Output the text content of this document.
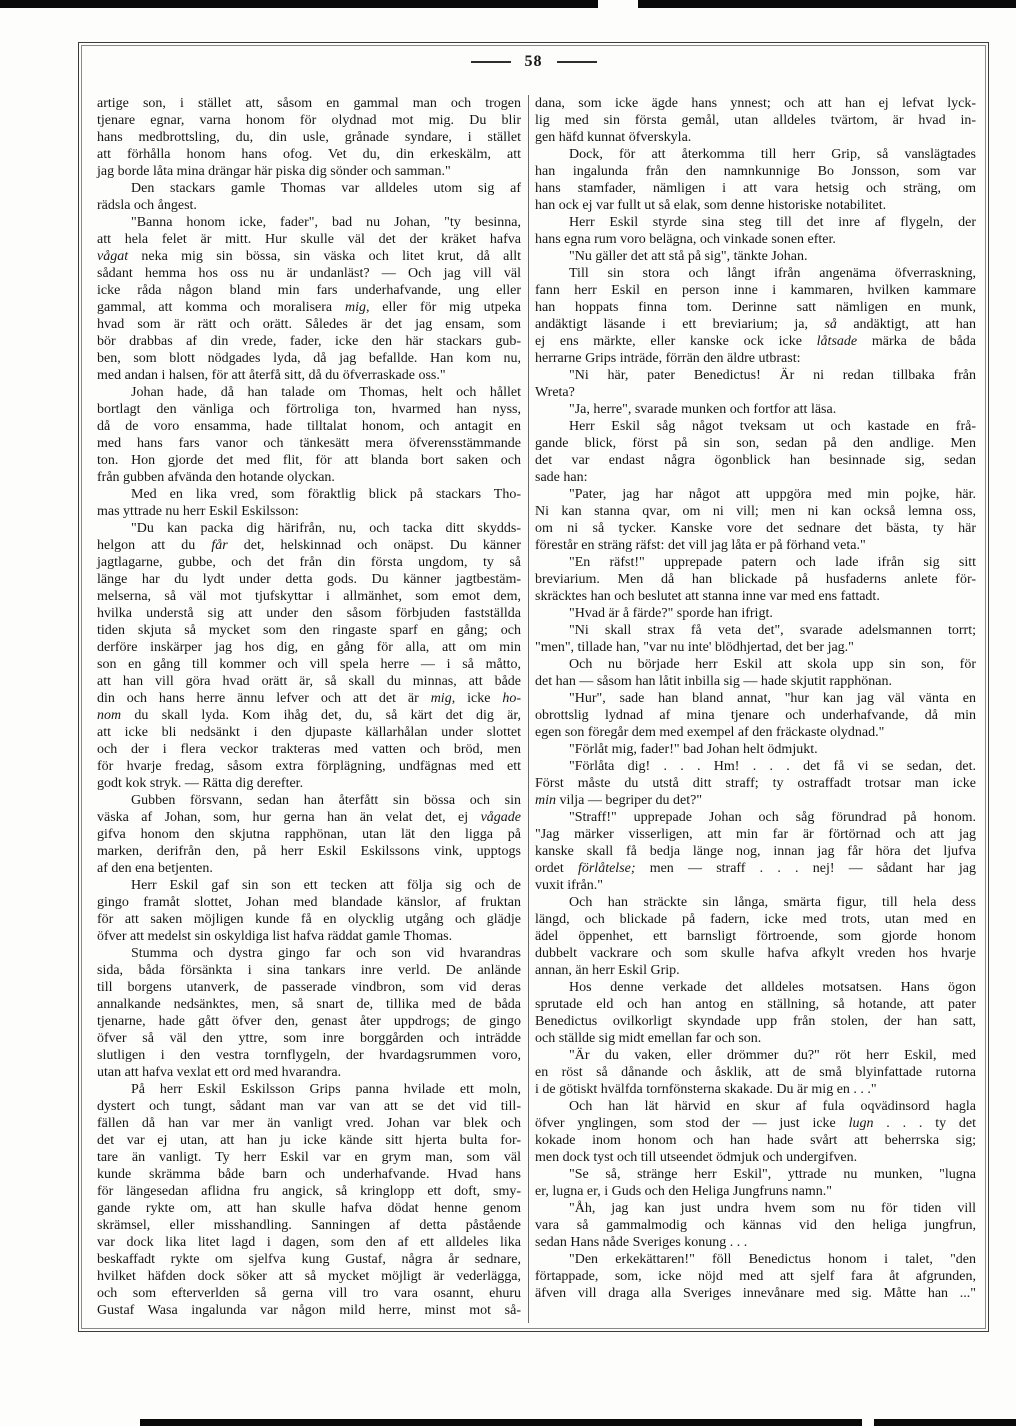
58
artige son, i stället att, såsom en gammal man och trogen
tjenare egnar, varna honom för olydnad mot mig. Du blir
hans medbrottsling, du, din usle, grånade syndare, i stället
att förhålla honom hans ofog. Vet du, din erkeskälm, att
jag borde låta mina drängar här piska dig sönder och samman."
Den stackars gamle Thomas var alldeles utom sig af
rädsla och ångest.
"Banna honom icke, fader", bad nu Johan, "ty besinna,
att hela felet är mitt. Hur skulle väl det der kräket hafva
vågat neka mig sin bössa, sin väska och litet krut, då allt
sådant hemma hos oss nu är undanläst? — Och jag vill väl
icke råda någon bland min fars underhafvande, ung eller
gammal, att komma och moralisera mig, eller för mig utpeka
hvad som är rätt och orätt. Således är det jag ensam, som
bör drabbas af din vrede, fader, icke den här stackars gub-
ben, som blott nödgades lyda, då jag befallde. Han kom nu,
med andan i halsen, för att återfå sitt, då du öfverraskade oss."
Johan hade, då han talade om Thomas, helt och hållet
bortlagt den vänliga och förtroliga ton, hvarmed han nyss,
då de voro ensamma, hade tilltalat honom, och antagit en
med hans fars vanor och tänkesätt mera öfverensstämmande
ton. Hon gjorde det med flit, för att blanda bort saken och
från gubben afvända den hotande olyckan.
Med en lika vred, som föraktlig blick på stackars Tho-
mas yttrade nu herr Eskil Eskilsson:
"Du kan packa dig härifrån, nu, och tacka ditt skydds-
helgon att du får det, helskinnad och onäpst. Du känner
jagtlagarne, gubbe, och det från din första ungdom, ty så
länge har du lydt under detta gods. Du känner jagtbestäm-
melserna, så väl mot tjufskyttar i allmänhet, som emot dem,
hvilka understå sig att under den såsom förbjuden fastställda
tiden skjuta så mycket som den ringaste sparf en gång; och
derföre inskärper jag hos dig, en gång för alla, att om min
son en gång till kommer och vill spela herre — i så måtto,
att han vill göra hvad orätt är, så skall du minnas, att både
din och hans herre ännu lefver och att det är mig, icke ho-
nom du skall lyda. Kom ihåg det, du, så kärt det dig är,
att icke bli nedsänkt i den djupaste källarhålan under slottet
och der i flera veckor trakteras med vatten och bröd, men
för hvarje fredag, såsom extra förplägning, undfägnas med ett
godt kok stryk. — Rätta dig derefter.
Gubben försvann, sedan han återfått sin bössa och sin
väska af Johan, som, hur gerna han än velat det, ej vågade
gifva honom den skjutna rapphönan, utan lät den ligga på
marken, derifrån den, på herr Eskil Eskilssons vink, upptogs
af den ena betjenten.
Herr Eskil gaf sin son ett tecken att följa sig och de
gingo framåt slottet, Johan med blandade känslor, af fruktan
för att saken möjligen kunde få en olycklig utgång och glädje
öfver att medelst sin oskyldiga list hafva räddat gamle Thomas.
Stumma och dystra gingo far och son vid hvarandras
sida, båda försänkta i sina tankars inre verld. De anlände
till borgens utanverk, de passerade vindbron, som vid deras
annalkande nedsänktes, men, så snart de, tillika med de båda
tjenarne, hade gått öfver den, genast åter uppdrogs; de gingo
öfver så väl den yttre, som inre borggården och inträdde
slutligen i den vestra tornflygeln, der hvardagsrummen voro,
utan att hafva vexlat ett ord med hvarandra.
På herr Eskil Eskilsson Grips panna hvilade ett moln,
dystert och tungt, sådant man var van att se det vid till-
fällen då han var mer än vanligt vred. Johan var blek och
det var ej utan, att han ju icke kände sitt hjerta bulta for-
tare än vanligt. Ty herr Eskil var en grym man, som väl
kunde skrämma både barn och underhafvande. Hvad hans
för längesedan aflidna fru angick, så kringlopp ett doft, smy-
gande rykte om, att han skulle hafva dödat henne genom
skrämsel, eller misshandling. Sanningen af detta påstående
var dock lika litet lagd i dagen, som den af ett alldeles lika
beskaffadt rykte om sjelfva kung Gustaf, några år sednare,
hvilket häfden dock söker att så mycket möjligt är vederlägga,
och som efterverlden så gerna vill tro vara osannt, ehuru
Gustaf Wasa ingalunda var någon mild herre, minst mot så-
dana, som icke ägde hans ynnest; och att han ej lefvat lyck-
lig med sin första gemål, utan alldeles tvärtom, är hvad in-
gen häfd kunnat öfverskyla.
Dock, för att återkomma till herr Grip, så vanslägtades
han ingalunda från den namnkunnige Bo Jonsson, som var
hans stamfader, nämligen i att vara hetsig och sträng, om
han ock ej var fullt ut så elak, som denne historiske notabilitet.
Herr Eskil styrde sina steg till det inre af flygeln, der
hans egna rum voro belägna, och vinkade sonen efter.
"Nu gäller det att stå på sig", tänkte Johan.
Till sin stora och långt ifrån angenäma öfverraskning,
fann herr Eskil en person inne i kammaren, hvilken kammare
han hoppats finna tom. Derinne satt nämligen en munk,
andäktigt läsande i ett breviarium; ja, så andäktigt, att han
ej ens märkte, eller kanske ock icke låtsade märka de båda
herrarne Grips inträde, förrän den äldre utbrast:
"Ni här, pater Benedictus! Är ni redan tillbaka från
Wreta?
"Ja, herre", svarade munken och fortfor att läsa.
Herr Eskil såg något tveksam ut och kastade en frå-
gande blick, först på sin son, sedan på den andlige. Men
det var endast några ögonblick han besinnade sig, sedan
sade han:
"Pater, jag har något att uppgöra med min pojke, här.
Ni kan stanna qvar, om ni vill; men ni kan också lemna oss,
om ni så tycker. Kanske vore det sednare det bästa, ty här
förestår en sträng räfst: det vill jag låta er på förhand veta."
"En räfst!" upprepade patern och lade ifrån sig sitt
breviarium. Men då han blickade på husfaderns anlete för-
skräcktes han och beslutet att stanna inne var med ens fattadt.
"Hvad är å färde?" sporde han ifrigt.
"Ni skall strax få veta det", svarade adelsmannen torrt;
"men", tillade han, "var nu inte' blödhjertad, det ber jag."
Och nu började herr Eskil att skola upp sin son, för
det han — såsom han låtit inbilla sig — hade skjutit rapphönan.
"Hur", sade han bland annat, "hur kan jag väl vänta en
obrottslig lydnad af mina tjenare och underhafvande, då min
egen son föregår dem med exempel af den fräckaste olydnad."
"Förlåt mig, fader!" bad Johan helt ödmjukt.
"Förlåta dig! . . . Hm! . . . det få vi se sedan, det.
Först måste du utstå ditt straff; ty ostraffadt trotsar man icke
min vilja — begriper du det?"
"Straff!" upprepade Johan och såg förundrad på honom.
"Jag märker visserligen, att min far är förtörnad och att jag
kanske skall få bedja länge nog, innan jag får höra det ljufva
ordet förlåtelse; men — straff . . . nej! — sådant har jag
vuxit ifrån."
Och han sträckte sin långa, smärta figur, till hela dess
längd, och blickade på fadern, icke med trots, utan med en
ädel öppenhet, ett barnsligt förtroende, som gjorde honom
dubbelt vackrare och som skulle hafva afkylt vreden hos hvarje
annan, än herr Eskil Grip.
Hos denne verkade det alldeles motsatsen. Hans ögon
sprutade eld och han antog en ställning, så hotande, att pater
Benedictus ovilkorligt skyndade upp från stolen, der han satt,
och ställde sig midt emellan far och son.
"Är du vaken, eller drömmer du?" röt herr Eskil, med
en röst så dånande och åsklik, att de små blyinfattade rutorna
i de götiskt hvälfda tornfönsterna skakade. Du är mig en . . ."
Och han lät härvid en skur af fula oqvädinsord hagla
öfver ynglingen, som stod der — just icke lugn . . . ty det
kokade inom honom och han hade svårt att beherrska sig;
men dock tyst och till utseendet ödmjuk och undergifven.
"Se så, stränge herr Eskil", yttrade nu munken, "lugna
er, lugna er, i Guds och den Heliga Jungfruns namn."
"Åh, jag kan just undra hvem som nu för tiden vill
vara så gammalmodig och kännas vid den heliga jungfrun,
sedan Hans nåde Sveriges konung . . .
"Den erkekättaren!" föll Benedictus honom i talet, "den
förtappade, som, icke nöjd med att sjelf fara åt afgrunden,
äfven vill draga alla Sveriges innevånare med sig. Måtte han ..."
